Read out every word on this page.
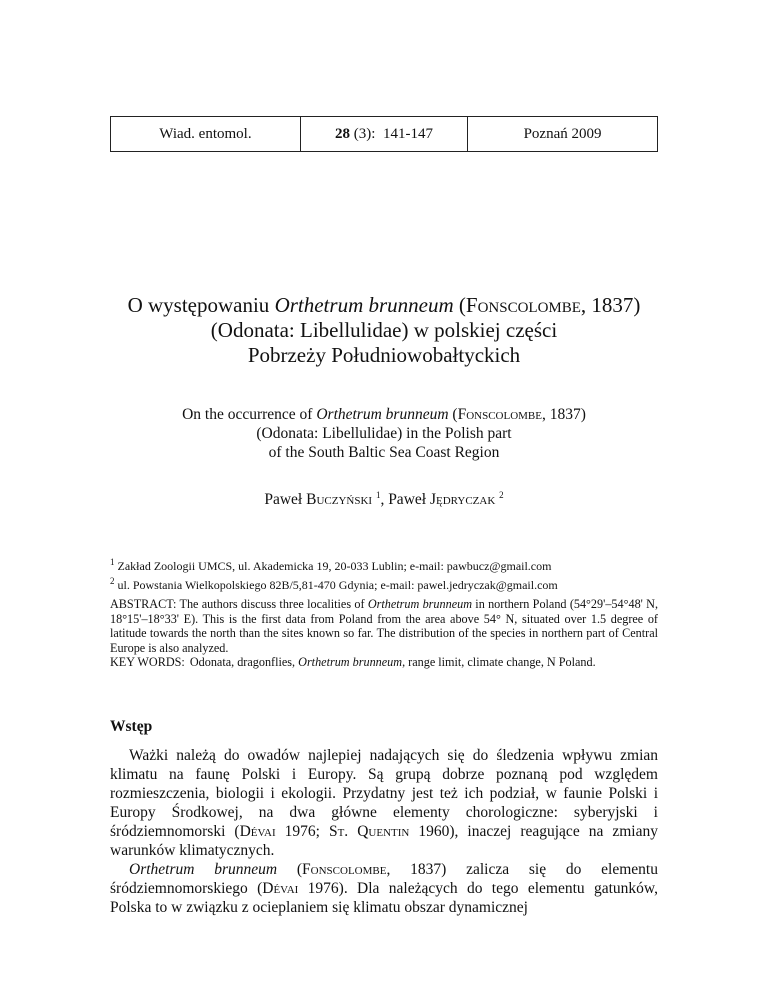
Wiad. entomol.	28 (3):  141-147	Poznań 2009
O występowaniu Orthetrum brunneum (Fonscolombe, 1837)
(Odonata: Libellulidae) w polskiej części
Pobrzeży Południowobałtyckich
On the occurrence of Orthetrum brunneum (Fonscolombe, 1837)
(Odonata: Libellulidae) in the Polish part
of the South Baltic Sea Coast Region
Paweł Buczyński $^1$, Paweł Jędryczak $^2$
$^1$ Zakład Zoologii UMCS, ul. Akademicka 19, 20-033 Lublin; e-mail: pawbucz@gmail.com
$^2$ ul. Powstania Wielkopolskiego 82B/5,81-470 Gdynia; e-mail: pawel.jedryczak@gmail.com
ABSTRACT: The authors discuss three localities of Orthetrum brunneum in northern Poland (54°29'–54°48' N, 18°15'–18°33' E). This is the first data from Poland from the area above 54° N, situated over 1.5 degree of latitude towards the north than the sites known so far. The distribution of the species in northern part of Central Europe is also analyzed.
KEY WORDS: Odonata, dragonflies, Orthetrum brunneum, range limit, climate change, N Poland.
Wstęp

Ważki należą do owadów najlepiej nadających się do śledzenia wpływu zmian klimatu na faunę Polski i Europy. Są grupą dobrze poznaną pod względem rozmieszczenia, biologii i ekologii. Przydatny jest też ich podział, w faunie Polski i Europy Środkowej, na dwa główne elementy chorologiczne: syberyjski i śródziemnomorski (Dévai 1976; St. Quentin 1960), inaczej reagujące na zmiany warunków klimatycznych.

Orthetrum brunneum (Fonscolombe, 1837) zalicza się do elementu śródziemnomorskiego (Dévai 1976). Dla należących do tego elementu gatunków, Polska to w związku z ocieplaniem się klimatu obszar dynamicznej
